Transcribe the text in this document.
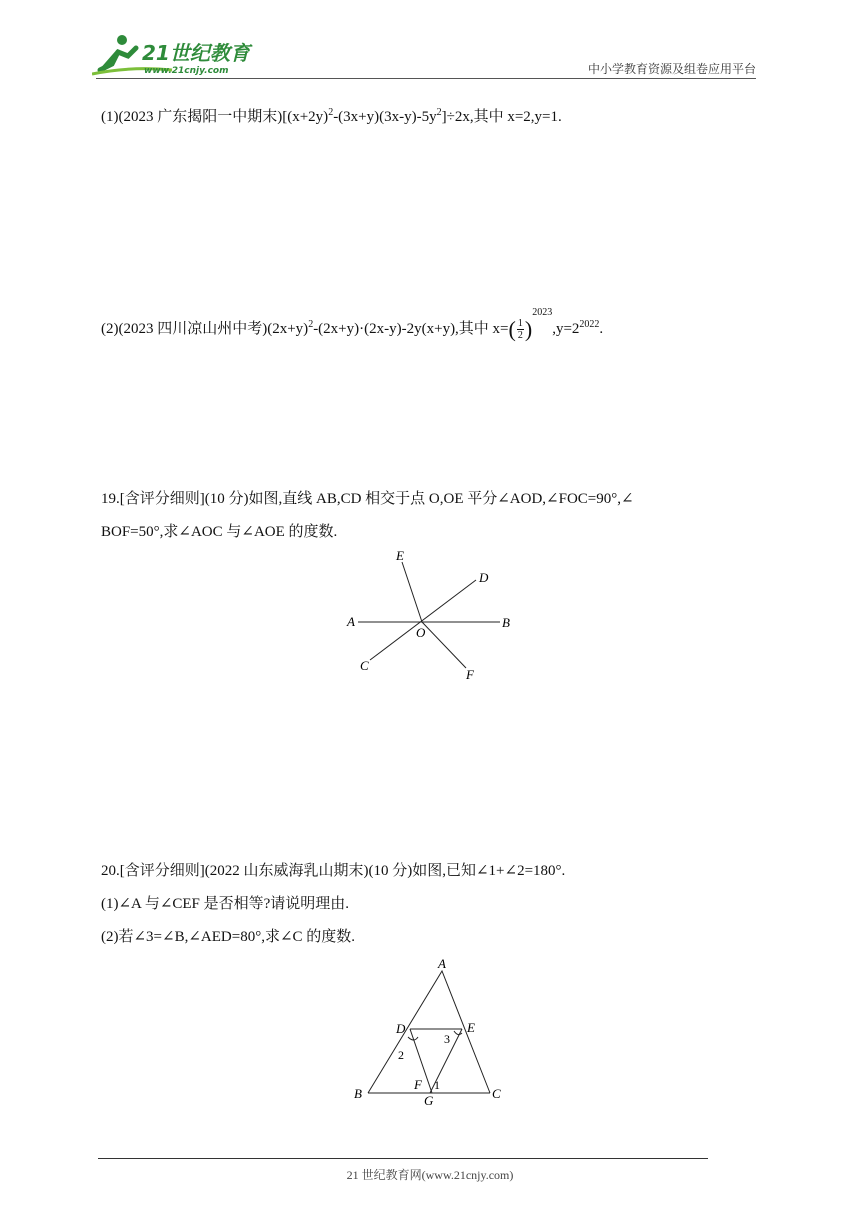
21世纪教育
www.21cnjy.com	中小学教育资源及组卷应用平台
(1)(2023 广东揭阳一中期末)$[(x+2y)^2-(3x+y)(3x-y)-5y^2]\div 2x$,其中 x=2,y=1.
(2)(2023 四川凉山州中考)$(2x+y)^2-(2x+y)\cdot(2x-y)-2y(x+y)$,其中 $x=( \frac{1}{2} )^{2023},y=2^{2022}$.
19.[含评分细则](10 分)如图,直线 AB,CD 相交于点 O,OE 平分∠AOD,∠FOC=90°,∠
BOF=50°,求∠AOC 与∠AOE 的度数.
E
D
A
O
B
C
F
20.[含评分细则](2022 山东威海乳山期末)(10 分)如图,已知∠1+∠2=180°.
(1)∠A 与∠CEF 是否相等?请说明理由.
(2)若∠3=∠B,∠AED=80°,求∠C 的度数.
A
D	E
B	C
F
G
1
2
3
21 世纪教育网(www.21cnjy.com)
